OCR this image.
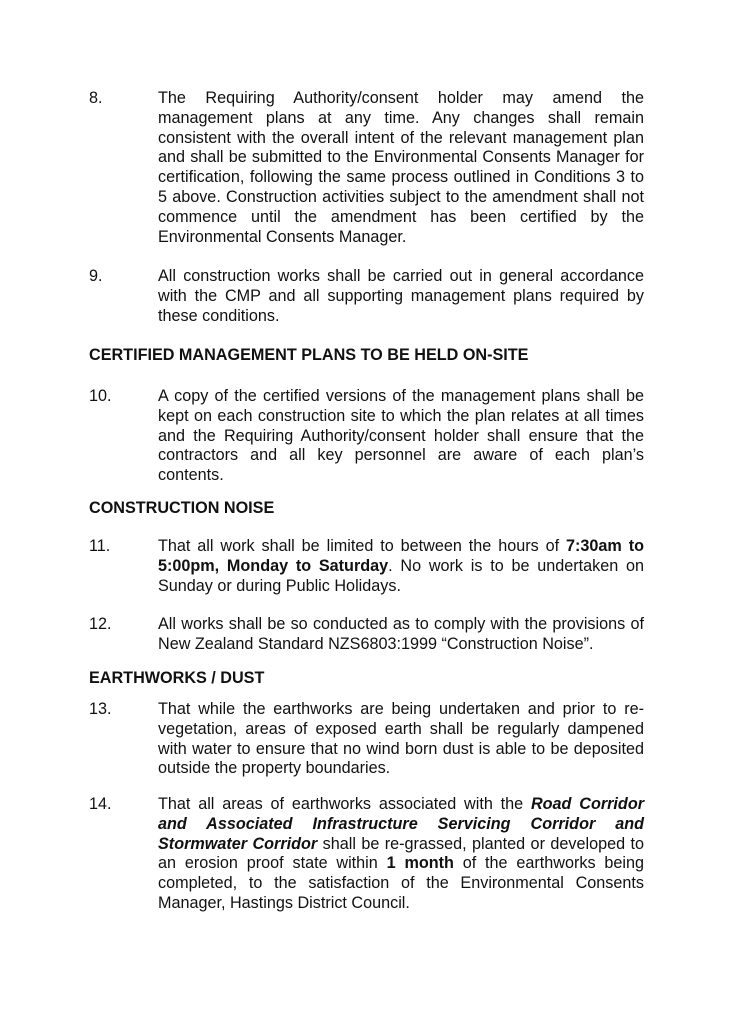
8.	The Requiring Authority/consent holder may amend the management plans at any time. Any changes shall remain consistent with the overall intent of the relevant management plan and shall be submitted to the Environmental Consents Manager for certification, following the same process outlined in Conditions 3 to 5 above. Construction activities subject to the amendment shall not commence until the amendment has been certified by the Environmental Consents Manager.
9.	All construction works shall be carried out in general accordance with the CMP and all supporting management plans required by these conditions.
CERTIFIED MANAGEMENT PLANS TO BE HELD ON-SITE
10.	A copy of the certified versions of the management plans shall be kept on each construction site to which the plan relates at all times and the Requiring Authority/consent holder shall ensure that the contractors and all key personnel are aware of each plan’s contents.
CONSTRUCTION NOISE
11.	That all work shall be limited to between the hours of 7:30am to 5:00pm, Monday to Saturday. No work is to be undertaken on Sunday or during Public Holidays.
12.	All works shall be so conducted as to comply with the provisions of New Zealand Standard NZS6803:1999 “Construction Noise”.
EARTHWORKS / DUST
13.	That while the earthworks are being undertaken and prior to re-vegetation, areas of exposed earth shall be regularly dampened with water to ensure that no wind born dust is able to be deposited outside the property boundaries.
14.	That all areas of earthworks associated with the Road Corridor and Associated Infrastructure Servicing Corridor and Stormwater Corridor shall be re-grassed, planted or developed to an erosion proof state within 1 month of the earthworks being completed, to the satisfaction of the Environmental Consents Manager, Hastings District Council.
